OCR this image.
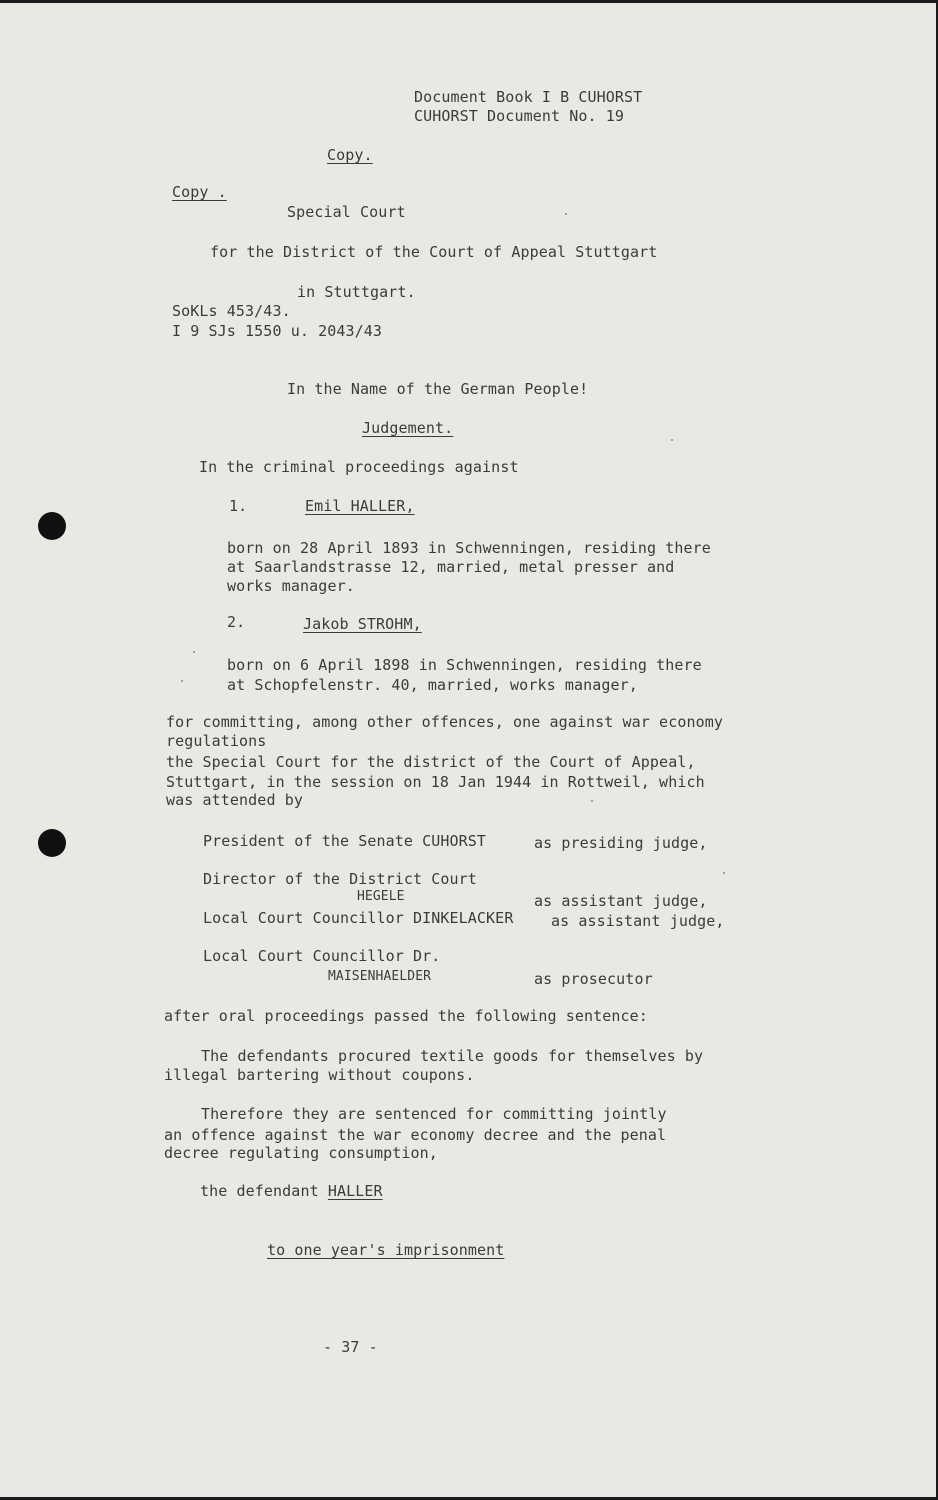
Document Book I B CUHORST
CUHORST Document No. 19
Copy.
Copy .
Special Court
for the District of the Court of Appeal Stuttgart
in Stuttgart.
SoKLs 453/43.
I 9 SJs 1550 u. 2043/43
In the Name of the German People!
Judgement.
In the criminal proceedings against
1.	Emil HALLER,
born on 28 April 1893 in Schwenningen, residing there
at Saarlandstrasse 12, married, metal presser and
works manager.
2.	Jakob STROHM,
born on 6 April 1898 in Schwenningen, residing there
at Schopfelenstr. 40, married, works manager,
for committing, among other offences, one against war economy
regulations
the Special Court for the district of the Court of Appeal,
Stuttgart, in the session on 18 Jan 1944 in Rottweil, which
was attended by
President of the Senate CUHORST	as presiding judge,
Director of the District Court
HEGELE	as assistant judge,
Local Court Councillor DINKELACKER	as assistant judge,
Local Court Councillor Dr.
MAISENHAELDER	as prosecutor
after oral proceedings passed the following sentence:
The defendants procured textile goods for themselves by
illegal bartering without coupons.
Therefore they are sentenced for committing jointly
an offence against the war economy decree and the penal
decree regulating consumption,
the defendant HALLER
to one year's imprisonment
- 37 -
